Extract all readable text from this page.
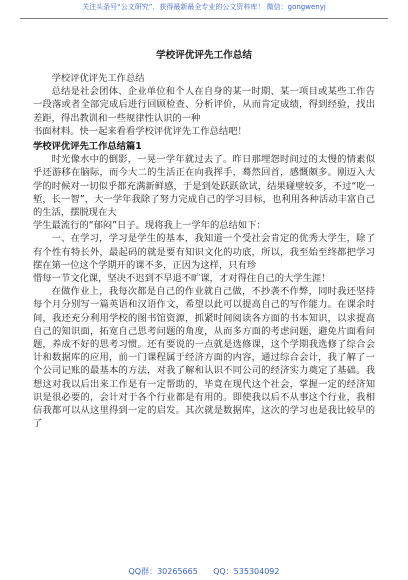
关注头条号“公文研究”，获得最新最全专业的公文资料库！ 微信：gongwenyj
学校评优评先工作总结

学校评优评先工作总结

总结是社会团体、企业单位和个人在自身的某一时期、某一项目或某些工作告一段落或者全部完成后进行回顾检查、分析评价，从而肯定成绩，得到经验，找出差距，得出教训和一些规律性认识的一种

书面材料。快一起来看看学校评优评先工作总结吧！

学校评优评先工作总结篇1

时光像水中的倒影，一晃一学年就过去了。昨日那埋怨时间过的太慢的情素似乎还游移在脑际，而今大二的生活正在向我挥手，蓦然回首，感慨颇多。刚迈入大学的时候对一切似乎都充满新鲜感，于是到处跃跃欲试，结果碰壁较多，不过“吃一堑，长一智”，大一学年我除了努力完成自己的学习目标，也利用各种活动丰富自己的生活，摆脱现在大

学生最流行的“郁闷”日子。现将我上一学年的总结如下：

一、在学习，学习是学生的基本，我知道一个受社会肯定的优秀大学生，除了有个性有特长外，最起码的就是要有知识文化的功底，所以，我至始至终都把学习摆在第一位这个学期开的课不多，正因为这样，只有珍

惜每一节文化课，坚决不迟到不早退不旷课，才对得住自己的大学生涯！

在做作业上，我每次都是自己的作业就自己做，不抄袭不作弊，同时我还坚持每个月分别写一篇英语和汉语作文，希望以此可以提高自己的写作能力。在课余时间，我还充分利用学校的图书馆资源，抓紧时间阅读各方面的书本知识，以求提高自己的知识面，拓宽自己思考问题的角度，从而多方面的考虑问题，避免片面看问题，养成不好的思考习惯。还有要说的一点就是选修课，这个学期我选修了综合会计和数据库的应用，前一门课程属于经济方面的内容，通过综合会计，我了解了一个公司记账的最基本的方法，对我了解和认识不同公司的经济实力奠定了基础。我想这对我以后出来工作是有一定帮助的，毕竟在现代这个社会，掌握一定的经济知识是很必要的，会计对于各个行业都是有用的。即使我以后不从事这个行业，我相信我都可以从这里得到一定的启发。其次就是数据库，这次的学习也是我比较早的了

QQ群：30265665 QQ：535304092
